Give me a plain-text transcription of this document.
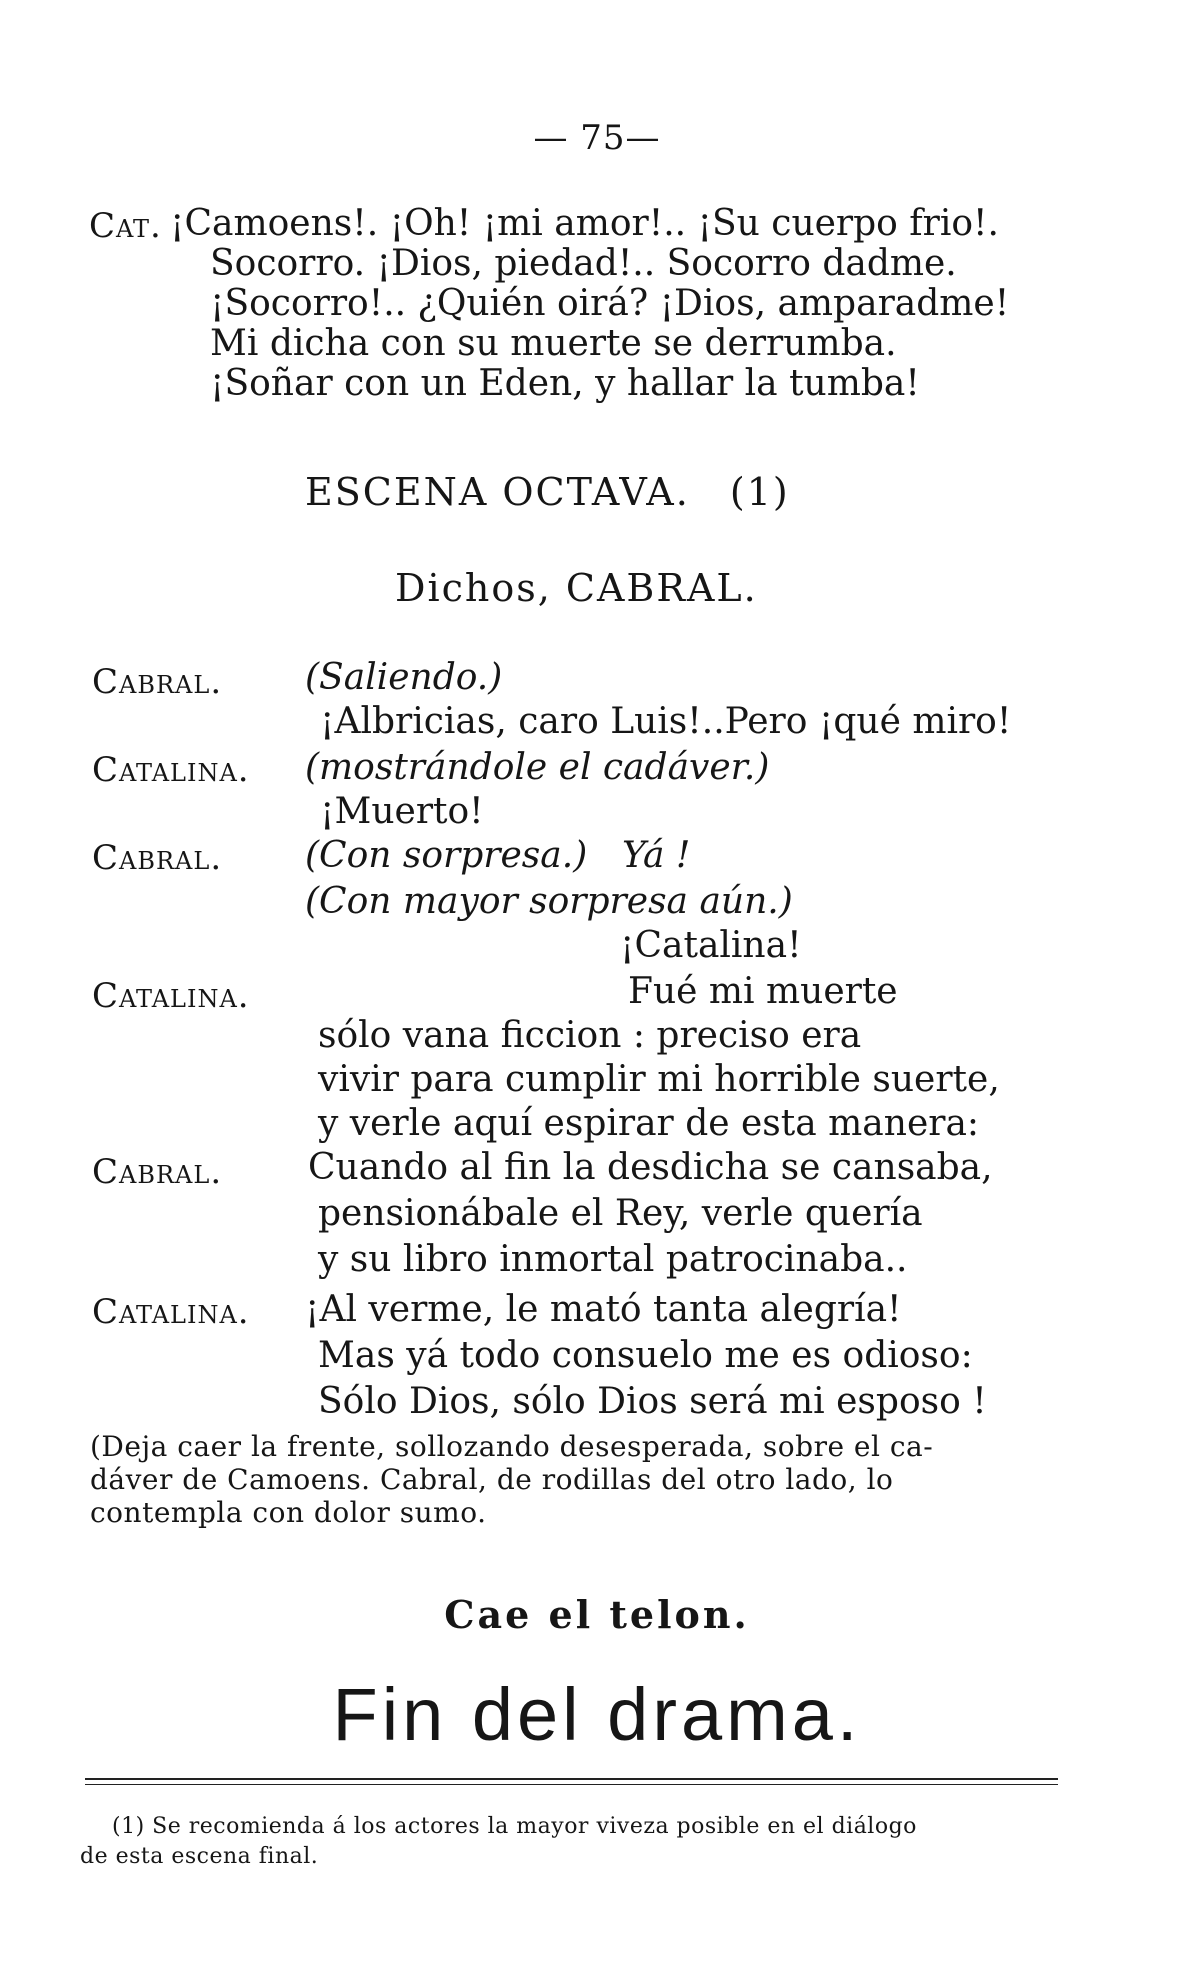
— 75—
Cat. ¡Camoens!. ¡Oh! ¡mi amor!.. ¡Su cuerpo frio!.
Socorro. ¡Dios, piedad!.. Socorro dadme.
¡Socorro!.. ¿Quién oirá? ¡Dios, amparadme!
Mi dicha con su muerte se derrumba.
¡Soñar con un Eden, y hallar la tumba!
ESCENA OCTAVA. (1)
Dichos, CABRAL.
Cabral. (Saliendo.)
¡Albricias, caro Luis!..Pero ¡qué miro!
Catalina. (mostrándole el cadáver.)
¡Muerto!
Cabral. (Con sorpresa.) Yá !
(Con mayor sorpresa aún.)
¡Catalina!
Catalina.	Fué mi muerte
sólo vana ficcion : preciso era
vivir para cumplir mi horrible suerte,
y verle aquí espirar de esta manera:
Cabral. Cuando al fin la desdicha se cansaba,
pensionábale el Rey, verle quería
y su libro inmortal patrocinaba..
Catalina. ¡Al verme, le mató tanta alegría!
Mas yá todo consuelo me es odioso:
Sólo Dios, sólo Dios será mi esposo !
(Deja caer la frente, sollozando desesperada, sobre el ca-
dáver de Camoens. Cabral, de rodillas del otro lado, lo
contempla con dolor sumo.
Cae el telon.
Fin del drama.
(1) Se recomienda á los actores la mayor viveza posible en el diálogo
de esta escena final.
